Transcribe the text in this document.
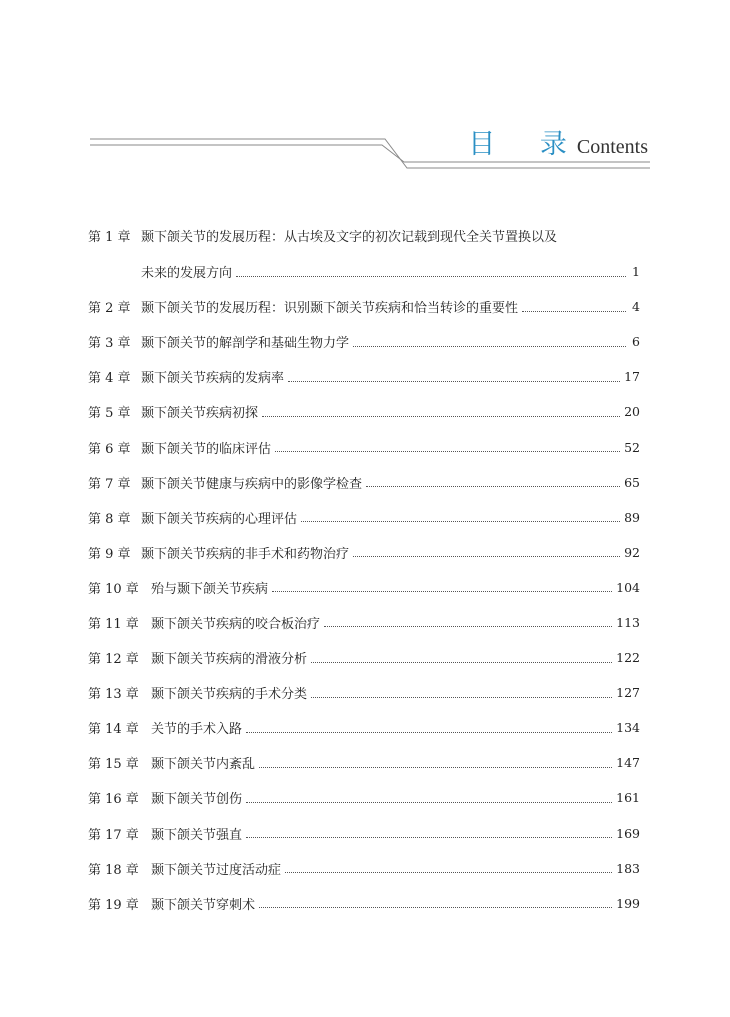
目 录
Contents
第 1 章 颞下颌关节的发展历程：从古埃及文字的初次记载到现代全关节置换以及
未来的发展方向	1
第 2 章 颞下颌关节的发展历程：识别颞下颌关节疾病和恰当转诊的重要性	4
第 3 章 颞下颌关节的解剖学和基础生物力学	6
第 4 章 颞下颌关节疾病的发病率	17
第 5 章 颞下颌关节疾病初探	20
第 6 章 颞下颌关节的临床评估	52
第 7 章 颞下颌关节健康与疾病中的影像学检查	65
第 8 章 颞下颌关节疾病的心理评估	89
第 9 章 颞下颌关节疾病的非手术和药物治疗	92
第 10 章 殆与颞下颌关节疾病	104
第 11 章 颞下颌关节疾病的咬合板治疗	113
第 12 章 颞下颌关节疾病的滑液分析	122
第 13 章 颞下颌关节疾病的手术分类	127
第 14 章 关节的手术入路	134
第 15 章 颞下颌关节内紊乱	147
第 16 章 颞下颌关节创伤	161
第 17 章 颞下颌关节强直	169
第 18 章 颞下颌关节过度活动症	183
第 19 章 颞下颌关节穿刺术	199
